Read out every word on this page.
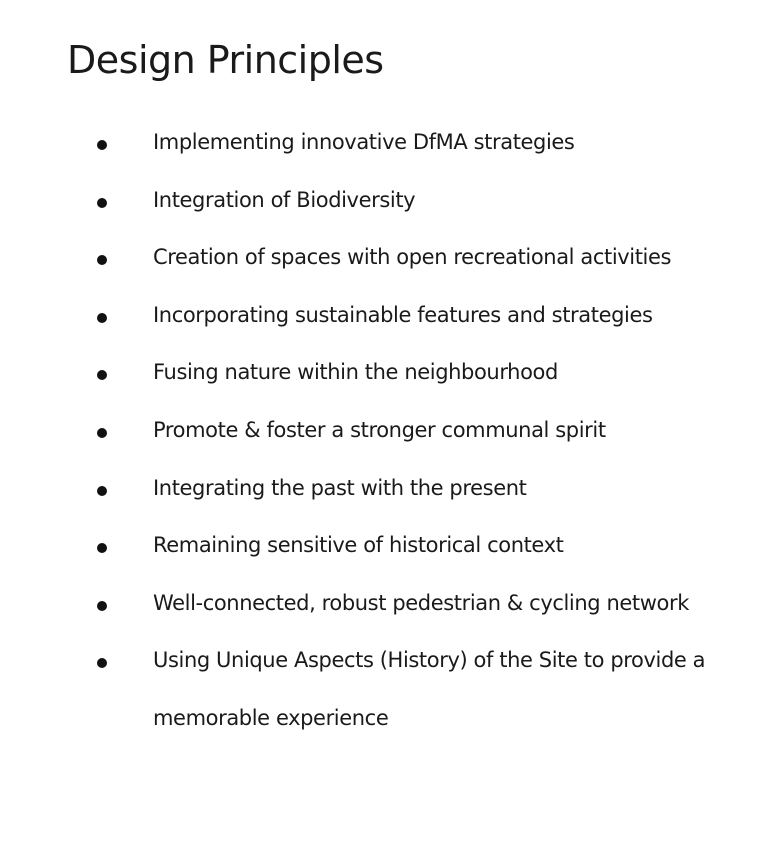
Design Principles
Implementing innovative DfMA strategies
Integration of Biodiversity
Creation of spaces with open recreational activities
Incorporating sustainable features and strategies
Fusing nature within the neighbourhood
Promote & foster a stronger communal spirit
Integrating the past with the present
Remaining sensitive of historical context
Well-connected, robust pedestrian & cycling network
Using Unique Aspects (History) of the Site to provide a memorable experience
